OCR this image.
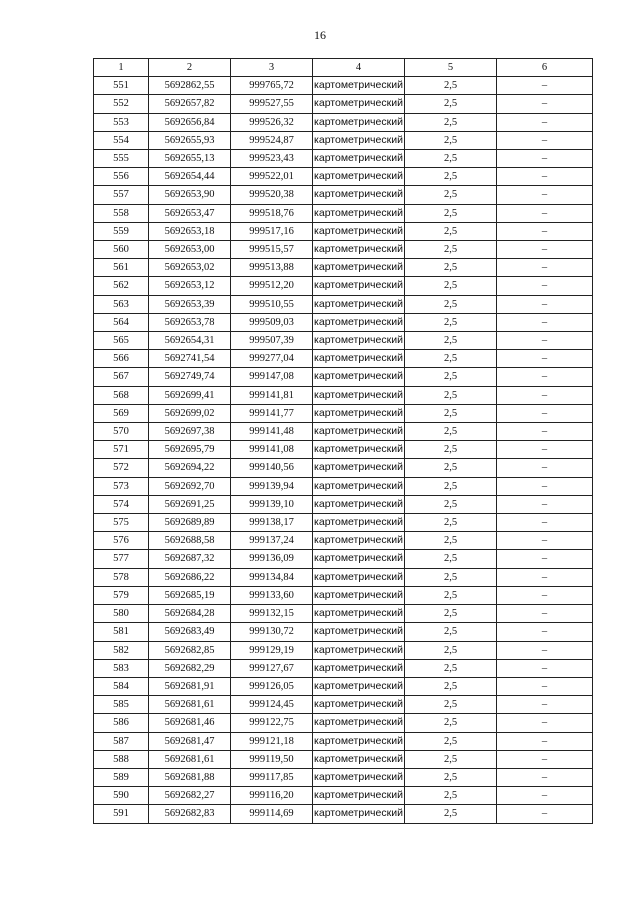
16
1	2	3	4	5	6
551	5692862,55	999765,72	картометрический	2,5	–
552	5692657,82	999527,55	картометрический	2,5	–
553	5692656,84	999526,32	картометрический	2,5	–
554	5692655,93	999524,87	картометрический	2,5	–
555	5692655,13	999523,43	картометрический	2,5	–
556	5692654,44	999522,01	картометрический	2,5	–
557	5692653,90	999520,38	картометрический	2,5	–
558	5692653,47	999518,76	картометрический	2,5	–
559	5692653,18	999517,16	картометрический	2,5	–
560	5692653,00	999515,57	картометрический	2,5	–
561	5692653,02	999513,88	картометрический	2,5	–
562	5692653,12	999512,20	картометрический	2,5	–
563	5692653,39	999510,55	картометрический	2,5	–
564	5692653,78	999509,03	картометрический	2,5	–
565	5692654,31	999507,39	картометрический	2,5	–
566	5692741,54	999277,04	картометрический	2,5	–
567	5692749,74	999147,08	картометрический	2,5	–
568	5692699,41	999141,81	картометрический	2,5	–
569	5692699,02	999141,77	картометрический	2,5	–
570	5692697,38	999141,48	картометрический	2,5	–
571	5692695,79	999141,08	картометрический	2,5	–
572	5692694,22	999140,56	картометрический	2,5	–
573	5692692,70	999139,94	картометрический	2,5	–
574	5692691,25	999139,10	картометрический	2,5	–
575	5692689,89	999138,17	картометрический	2,5	–
576	5692688,58	999137,24	картометрический	2,5	–
577	5692687,32	999136,09	картометрический	2,5	–
578	5692686,22	999134,84	картометрический	2,5	–
579	5692685,19	999133,60	картометрический	2,5	–
580	5692684,28	999132,15	картометрический	2,5	–
581	5692683,49	999130,72	картометрический	2,5	–
582	5692682,85	999129,19	картометрический	2,5	–
583	5692682,29	999127,67	картометрический	2,5	–
584	5692681,91	999126,05	картометрический	2,5	–
585	5692681,61	999124,45	картометрический	2,5	–
586	5692681,46	999122,75	картометрический	2,5	–
587	5692681,47	999121,18	картометрический	2,5	–
588	5692681,61	999119,50	картометрический	2,5	–
589	5692681,88	999117,85	картометрический	2,5	–
590	5692682,27	999116,20	картометрический	2,5	–
591	5692682,83	999114,69	картометрический	2,5	–
